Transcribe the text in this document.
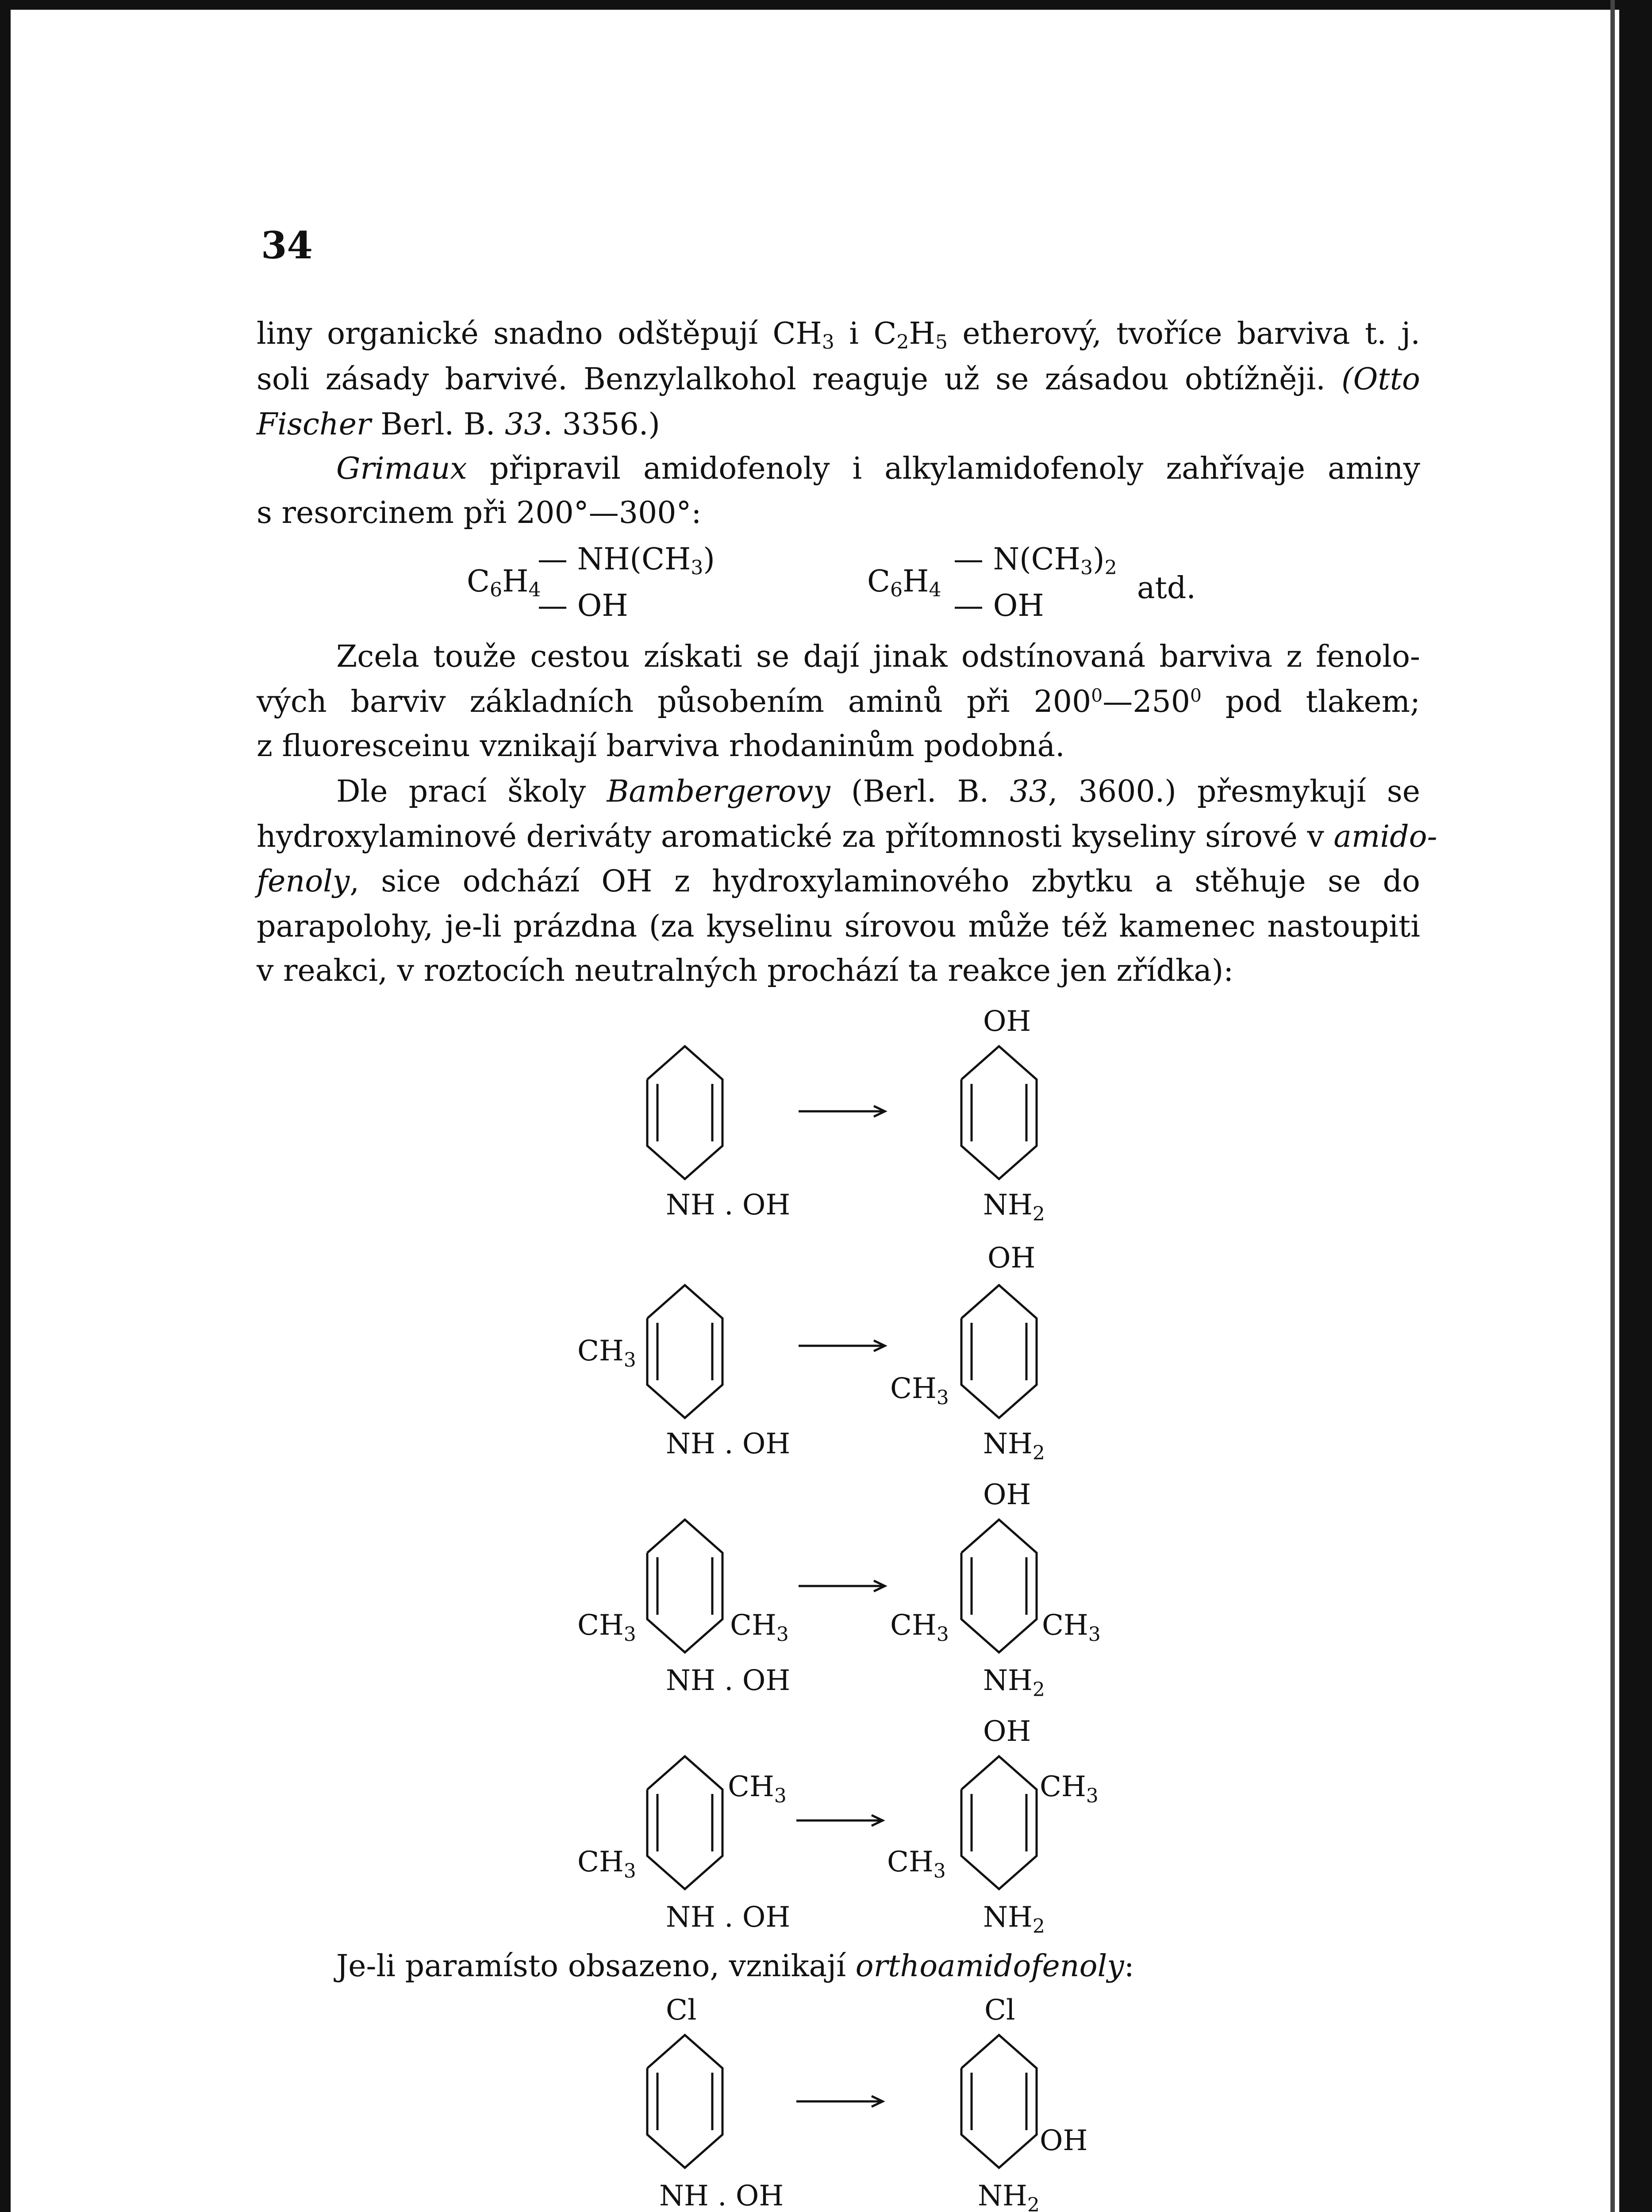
34
liny organické snadno odštěpují $CH_3$ i $C_2H_5$ etherový, tvoříce barviva t. j.
soli zásady barvivé. Benzylalkohol reaguje už se zásadou obtížněji. (Otto
Fischer Berl. B. 33. 3356.)
Grimaux připravil amidofenoly i alkylamidofenoly zahřívaje aminy
s resorcinem při 200°—300°:
$C_6H_4$
— $NH(CH_3)$
— OH
$C_6H_4$
— $N(CH_3)_2$
— OH
atd.
Zcela touže cestou získati se dají jinak odstínovaná barviva z fenolo-
vých barviv základních působením aminů při $200^0—250^0$ pod tlakem;
z fluoresceinu vznikají barviva rhodaninům podobná.
Dle prací školy Bambergerovy (Berl. B. 33, 3600.) přesmykují se
hydroxylaminové deriváty aromatické za přítomnosti kyseliny sírové v amido-
fenoly, sice odchází OH z hydroxylaminového zbytku a stěhuje se do
parapolohy, je-li prázdna (za kyselinu sírovou může též kamenec nastoupiti
v reakci, v roztocích neutralných prochází ta reakce jen zřídka):
NH . OH
OH
$NH_2$
$CH_3$
NH . OH
OH
$CH_3$
$NH_2$
$CH_3$	$CH_3$
NH . OH
OH
$CH_3$	$CH_3$
$NH_2$
$CH_3$
$CH_3$
NH . OH
OH
$CH_3$
$CH_3$
$NH_2$
Cl
NH . OH
Cl
OH
$NH_2$
Je-li paramísto obsazeno, vznikají orthoamidofenoly:
